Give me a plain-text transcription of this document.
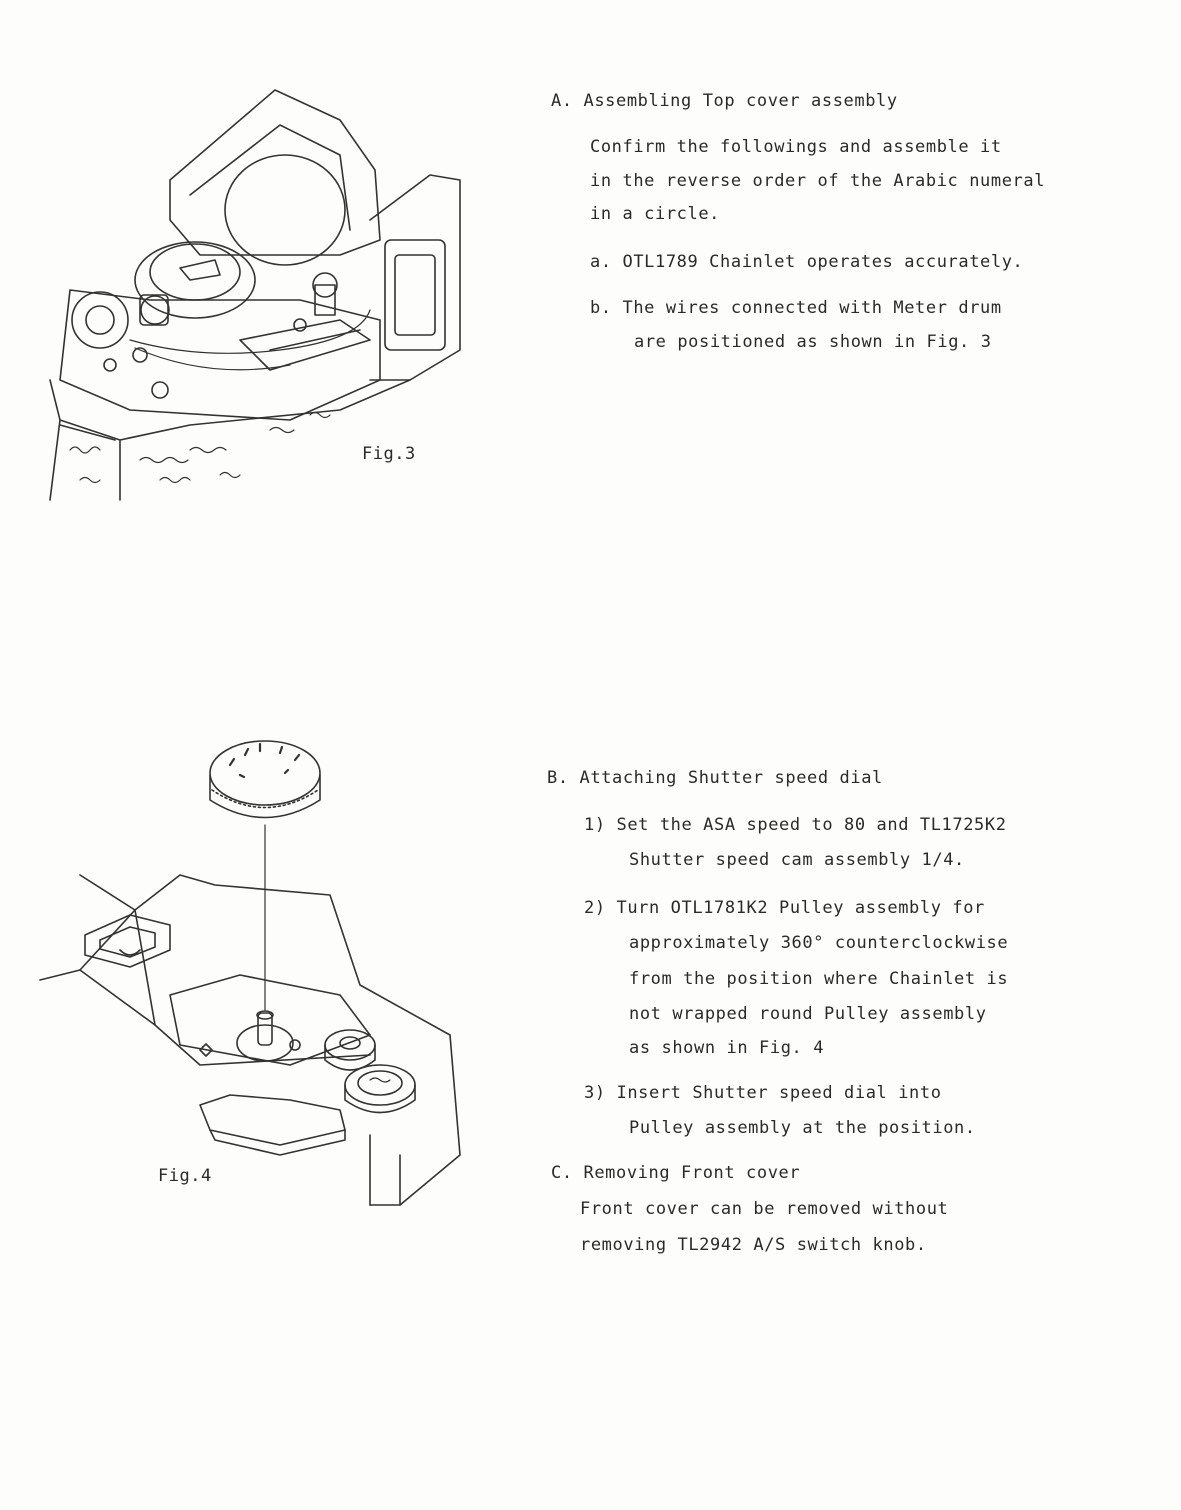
Fig.3
A. Assembling Top cover assembly
Confirm the followings and assemble it
in the reverse order of the Arabic numeral
in a circle.
a. OTL1789 Chainlet operates accurately.
b. The wires connected with Meter drum
are positioned as shown in Fig. 3
Fig.4
B. Attaching Shutter speed dial
1) Set the ASA speed to 80 and TL1725K2
Shutter speed cam assembly 1/4.
2) Turn OTL1781K2 Pulley assembly for
approximately 360° counterclockwise
from the position where Chainlet is
not wrapped round Pulley assembly
as shown in Fig. 4
3) Insert Shutter speed dial into
Pulley assembly at the position.
C. Removing Front cover
Front cover can be removed without
removing TL2942 A/S switch knob.
